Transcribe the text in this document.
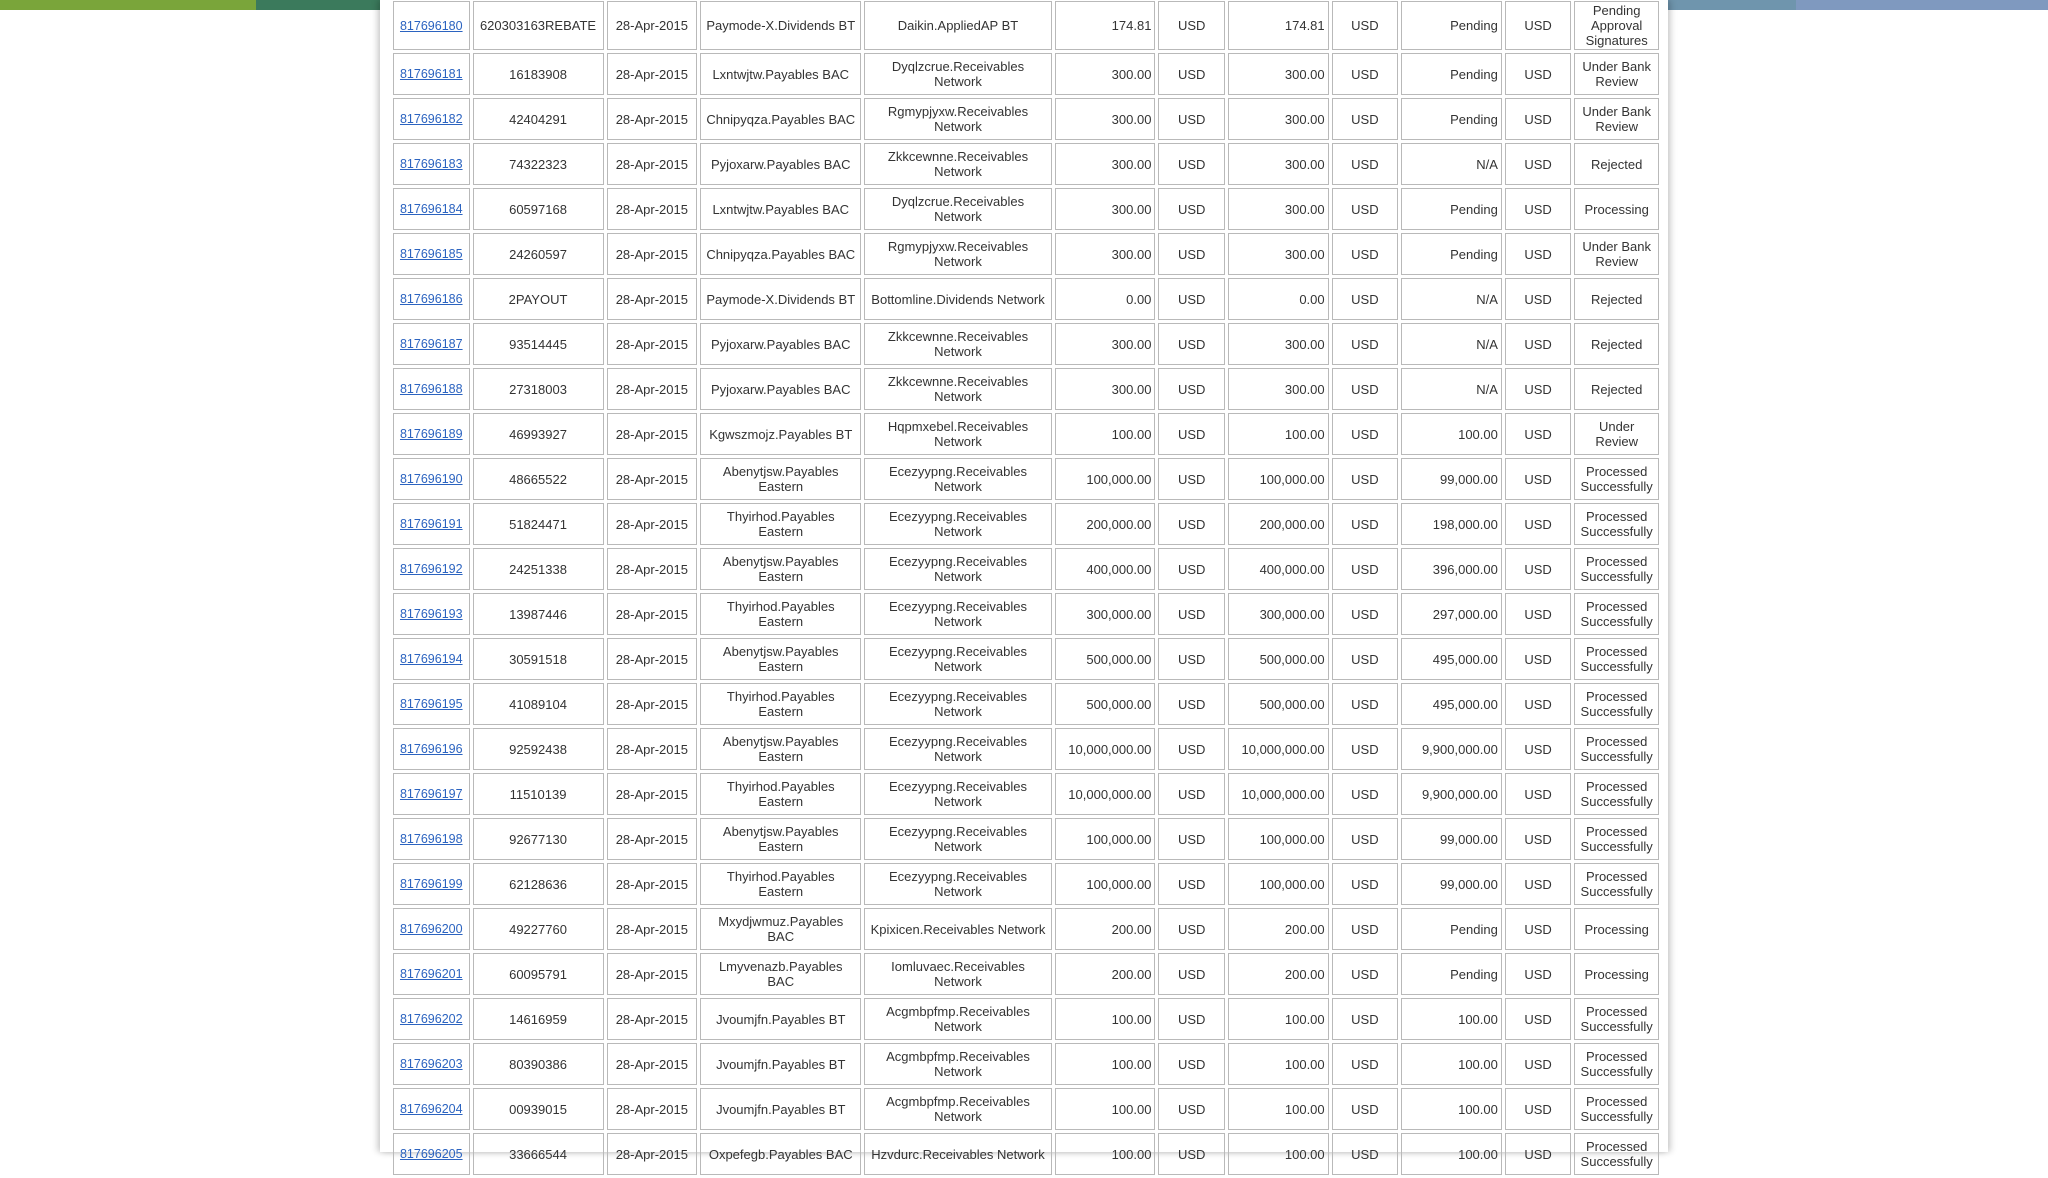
817696180	620303163REBATE	28-Apr-2015	Paymode-X.Dividends BT	Daikin.AppliedAP BT	174.81	USD	174.81	USD	Pending	USD	Pending Approval Signatures
817696181	16183908	28-Apr-2015	Lxntwjtw.Payables BAC	Dyqlzcrue.Receivables Network	300.00	USD	300.00	USD	Pending	USD	Under Bank Review
817696182	42404291	28-Apr-2015	Chnipyqza.Payables BAC	Rgmypjyxw.Receivables Network	300.00	USD	300.00	USD	Pending	USD	Under Bank Review
817696183	74322323	28-Apr-2015	Pyjoxarw.Payables BAC	Zkkcewnne.Receivables Network	300.00	USD	300.00	USD	N/A	USD	Rejected
817696184	60597168	28-Apr-2015	Lxntwjtw.Payables BAC	Dyqlzcrue.Receivables Network	300.00	USD	300.00	USD	Pending	USD	Processing
817696185	24260597	28-Apr-2015	Chnipyqza.Payables BAC	Rgmypjyxw.Receivables Network	300.00	USD	300.00	USD	Pending	USD	Under Bank Review
817696186	2PAYOUT	28-Apr-2015	Paymode-X.Dividends BT	Bottomline.Dividends Network	0.00	USD	0.00	USD	N/A	USD	Rejected
817696187	93514445	28-Apr-2015	Pyjoxarw.Payables BAC	Zkkcewnne.Receivables Network	300.00	USD	300.00	USD	N/A	USD	Rejected
817696188	27318003	28-Apr-2015	Pyjoxarw.Payables BAC	Zkkcewnne.Receivables Network	300.00	USD	300.00	USD	N/A	USD	Rejected
817696189	46993927	28-Apr-2015	Kgwszmojz.Payables BT	Hqpmxebel.Receivables Network	100.00	USD	100.00	USD	100.00	USD	Under Review
817696190	48665522	28-Apr-2015	Abenytjsw.Payables Eastern	Ecezyypng.Receivables Network	100,000.00	USD	100,000.00	USD	99,000.00	USD	Processed Successfully
817696191	51824471	28-Apr-2015	Thyirhod.Payables Eastern	Ecezyypng.Receivables Network	200,000.00	USD	200,000.00	USD	198,000.00	USD	Processed Successfully
817696192	24251338	28-Apr-2015	Abenytjsw.Payables Eastern	Ecezyypng.Receivables Network	400,000.00	USD	400,000.00	USD	396,000.00	USD	Processed Successfully
817696193	13987446	28-Apr-2015	Thyirhod.Payables Eastern	Ecezyypng.Receivables Network	300,000.00	USD	300,000.00	USD	297,000.00	USD	Processed Successfully
817696194	30591518	28-Apr-2015	Abenytjsw.Payables Eastern	Ecezyypng.Receivables Network	500,000.00	USD	500,000.00	USD	495,000.00	USD	Processed Successfully
817696195	41089104	28-Apr-2015	Thyirhod.Payables Eastern	Ecezyypng.Receivables Network	500,000.00	USD	500,000.00	USD	495,000.00	USD	Processed Successfully
817696196	92592438	28-Apr-2015	Abenytjsw.Payables Eastern	Ecezyypng.Receivables Network	10,000,000.00	USD	10,000,000.00	USD	9,900,000.00	USD	Processed Successfully
817696197	11510139	28-Apr-2015	Thyirhod.Payables Eastern	Ecezyypng.Receivables Network	10,000,000.00	USD	10,000,000.00	USD	9,900,000.00	USD	Processed Successfully
817696198	92677130	28-Apr-2015	Abenytjsw.Payables Eastern	Ecezyypng.Receivables Network	100,000.00	USD	100,000.00	USD	99,000.00	USD	Processed Successfully
817696199	62128636	28-Apr-2015	Thyirhod.Payables Eastern	Ecezyypng.Receivables Network	100,000.00	USD	100,000.00	USD	99,000.00	USD	Processed Successfully
817696200	49227760	28-Apr-2015	Mxydjwmuz.Payables BAC	Kpixicen.Receivables Network	200.00	USD	200.00	USD	Pending	USD	Processing
817696201	60095791	28-Apr-2015	Lmyvenazb.Payables BAC	Iomluvaec.Receivables Network	200.00	USD	200.00	USD	Pending	USD	Processing
817696202	14616959	28-Apr-2015	Jvoumjfn.Payables BT	Acgmbpfmp.Receivables Network	100.00	USD	100.00	USD	100.00	USD	Processed Successfully
817696203	80390386	28-Apr-2015	Jvoumjfn.Payables BT	Acgmbpfmp.Receivables Network	100.00	USD	100.00	USD	100.00	USD	Processed Successfully
817696204	00939015	28-Apr-2015	Jvoumjfn.Payables BT	Acgmbpfmp.Receivables Network	100.00	USD	100.00	USD	100.00	USD	Processed Successfully
817696205	33666544	28-Apr-2015	Oxpefegb.Payables BAC	Hzvdurc.Receivables Network	100.00	USD	100.00	USD	100.00	USD	Processed Successfully
